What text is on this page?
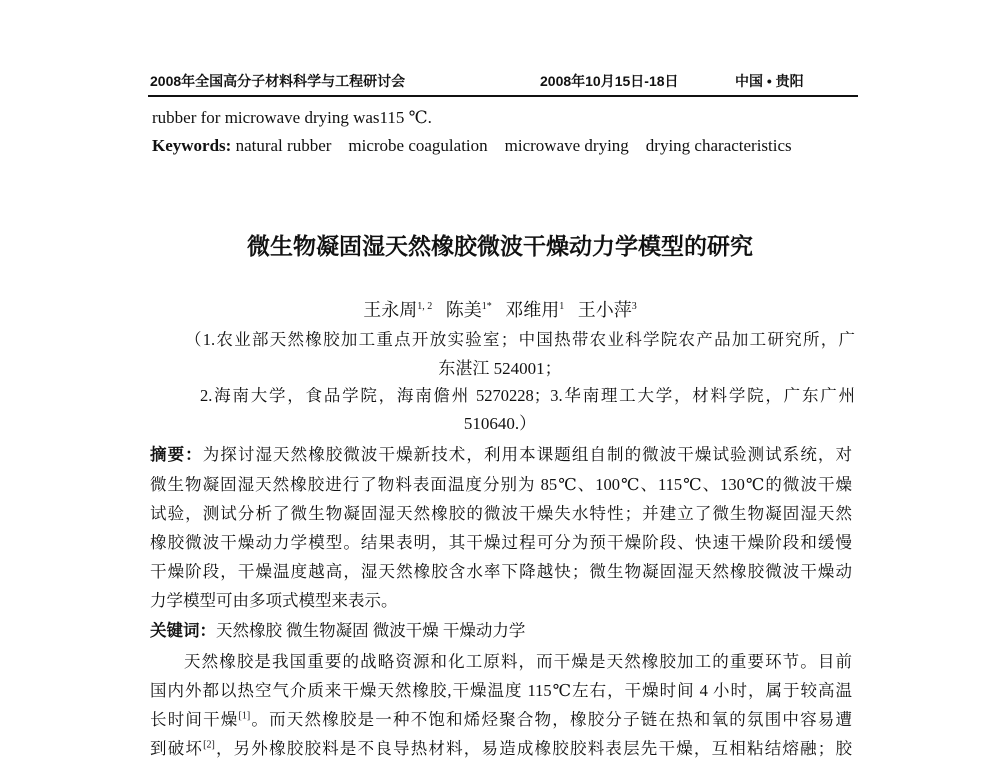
2008年全国高分子材料科学与工程研讨会	2008年10月15日-18日	中国 • 贵阳
rubber for microwave drying was115 ℃.
Keywords: natural rubber    microbe coagulation    microwave drying    drying characteristics
微生物凝固湿天然橡胶微波干燥动力学模型的研究
王永周$^{1, 2}$ 陈美$^{1*}$ 邓维用$^1$ 王小萍$^3$
（1.农业部天然橡胶加工重点开放实验室；中国热带农业科学院农产品加工研究所，广
东湛江 524001；
2.海南大学，食品学院，海南儋州 5270228；3.华南理工大学，材料学院，广东广州
510640.）
摘要：为探讨湿天然橡胶微波干燥新技术，利用本课题组自制的微波干燥试验测试系统，对
微生物凝固湿天然橡胶进行了物料表面温度分别为 85℃、100℃、115℃、130℃的微波干燥
试验，测试分析了微生物凝固湿天然橡胶的微波干燥失水特性；并建立了微生物凝固湿天然
橡胶微波干燥动力学模型。结果表明，其干燥过程可分为预干燥阶段、快速干燥阶段和缓慢
干燥阶段，干燥温度越高，湿天然橡胶含水率下降越快；微生物凝固湿天然橡胶微波干燥动
力学模型可由多项式模型来表示。
关键词：天然橡胶 微生物凝固 微波干燥 干燥动力学
天然橡胶是我国重要的战略资源和化工原料，而干燥是天然橡胶加工的重要环节。目前
国内外都以热空气介质来干燥天然橡胶,干燥温度 115℃左右，干燥时间 4 小时，属于较高温
长时间干燥[1]。而天然橡胶是一种不饱和烯烃聚合物，橡胶分子链在热和氧的氛围中容易遭
到破坏[2]，另外橡胶胶料是不良导热材料，易造成橡胶胶料表层先干燥，互相粘结熔融；胶
